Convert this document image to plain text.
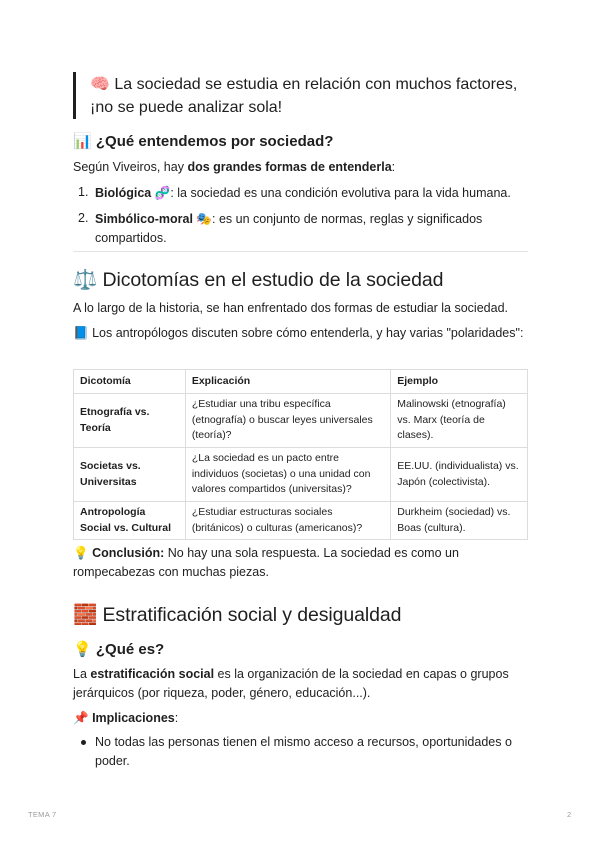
🧠 La sociedad se estudia en relación con muchos factores, ¡no se puede analizar sola!
📊 ¿Qué entendemos por sociedad?
Según Viveiros, hay dos grandes formas de entenderla:
1. Biológica 🧬: la sociedad es una condición evolutiva para la vida humana.
2. Simbólico-moral 🎭: es un conjunto de normas, reglas y significados compartidos.
⚖️ Dicotomías en el estudio de la sociedad
A lo largo de la historia, se han enfrentado dos formas de estudiar la sociedad.
📘 Los antropólogos discuten sobre cómo entenderla, y hay varias "polaridades":
Dicotomía	Explicación	Ejemplo
Etnografía vs. Teoría	¿Estudiar una tribu específica (etnografía) o buscar leyes universales (teoría)?	Malinowski (etnografía) vs. Marx (teoría de clases).
Societas vs. Universitas	¿La sociedad es un pacto entre individuos (societas) o una unidad con valores compartidos (universitas)?	EE.UU. (individualista) vs. Japón (colectivista).
Antropología Social vs. Cultural	¿Estudiar estructuras sociales (británicos) o culturas (americanos)?	Durkheim (sociedad) vs. Boas (cultura).
💡 Conclusión: No hay una sola respuesta. La sociedad es como un rompecabezas con muchas piezas.
🧱 Estratificación social y desigualdad
💡 ¿Qué es?
La estratificación social es la organización de la sociedad en capas o grupos jerárquicos (por riqueza, poder, género, educación...).
📌 Implicaciones:
No todas las personas tienen el mismo acceso a recursos, oportunidades o poder.
TEMA 7	2
